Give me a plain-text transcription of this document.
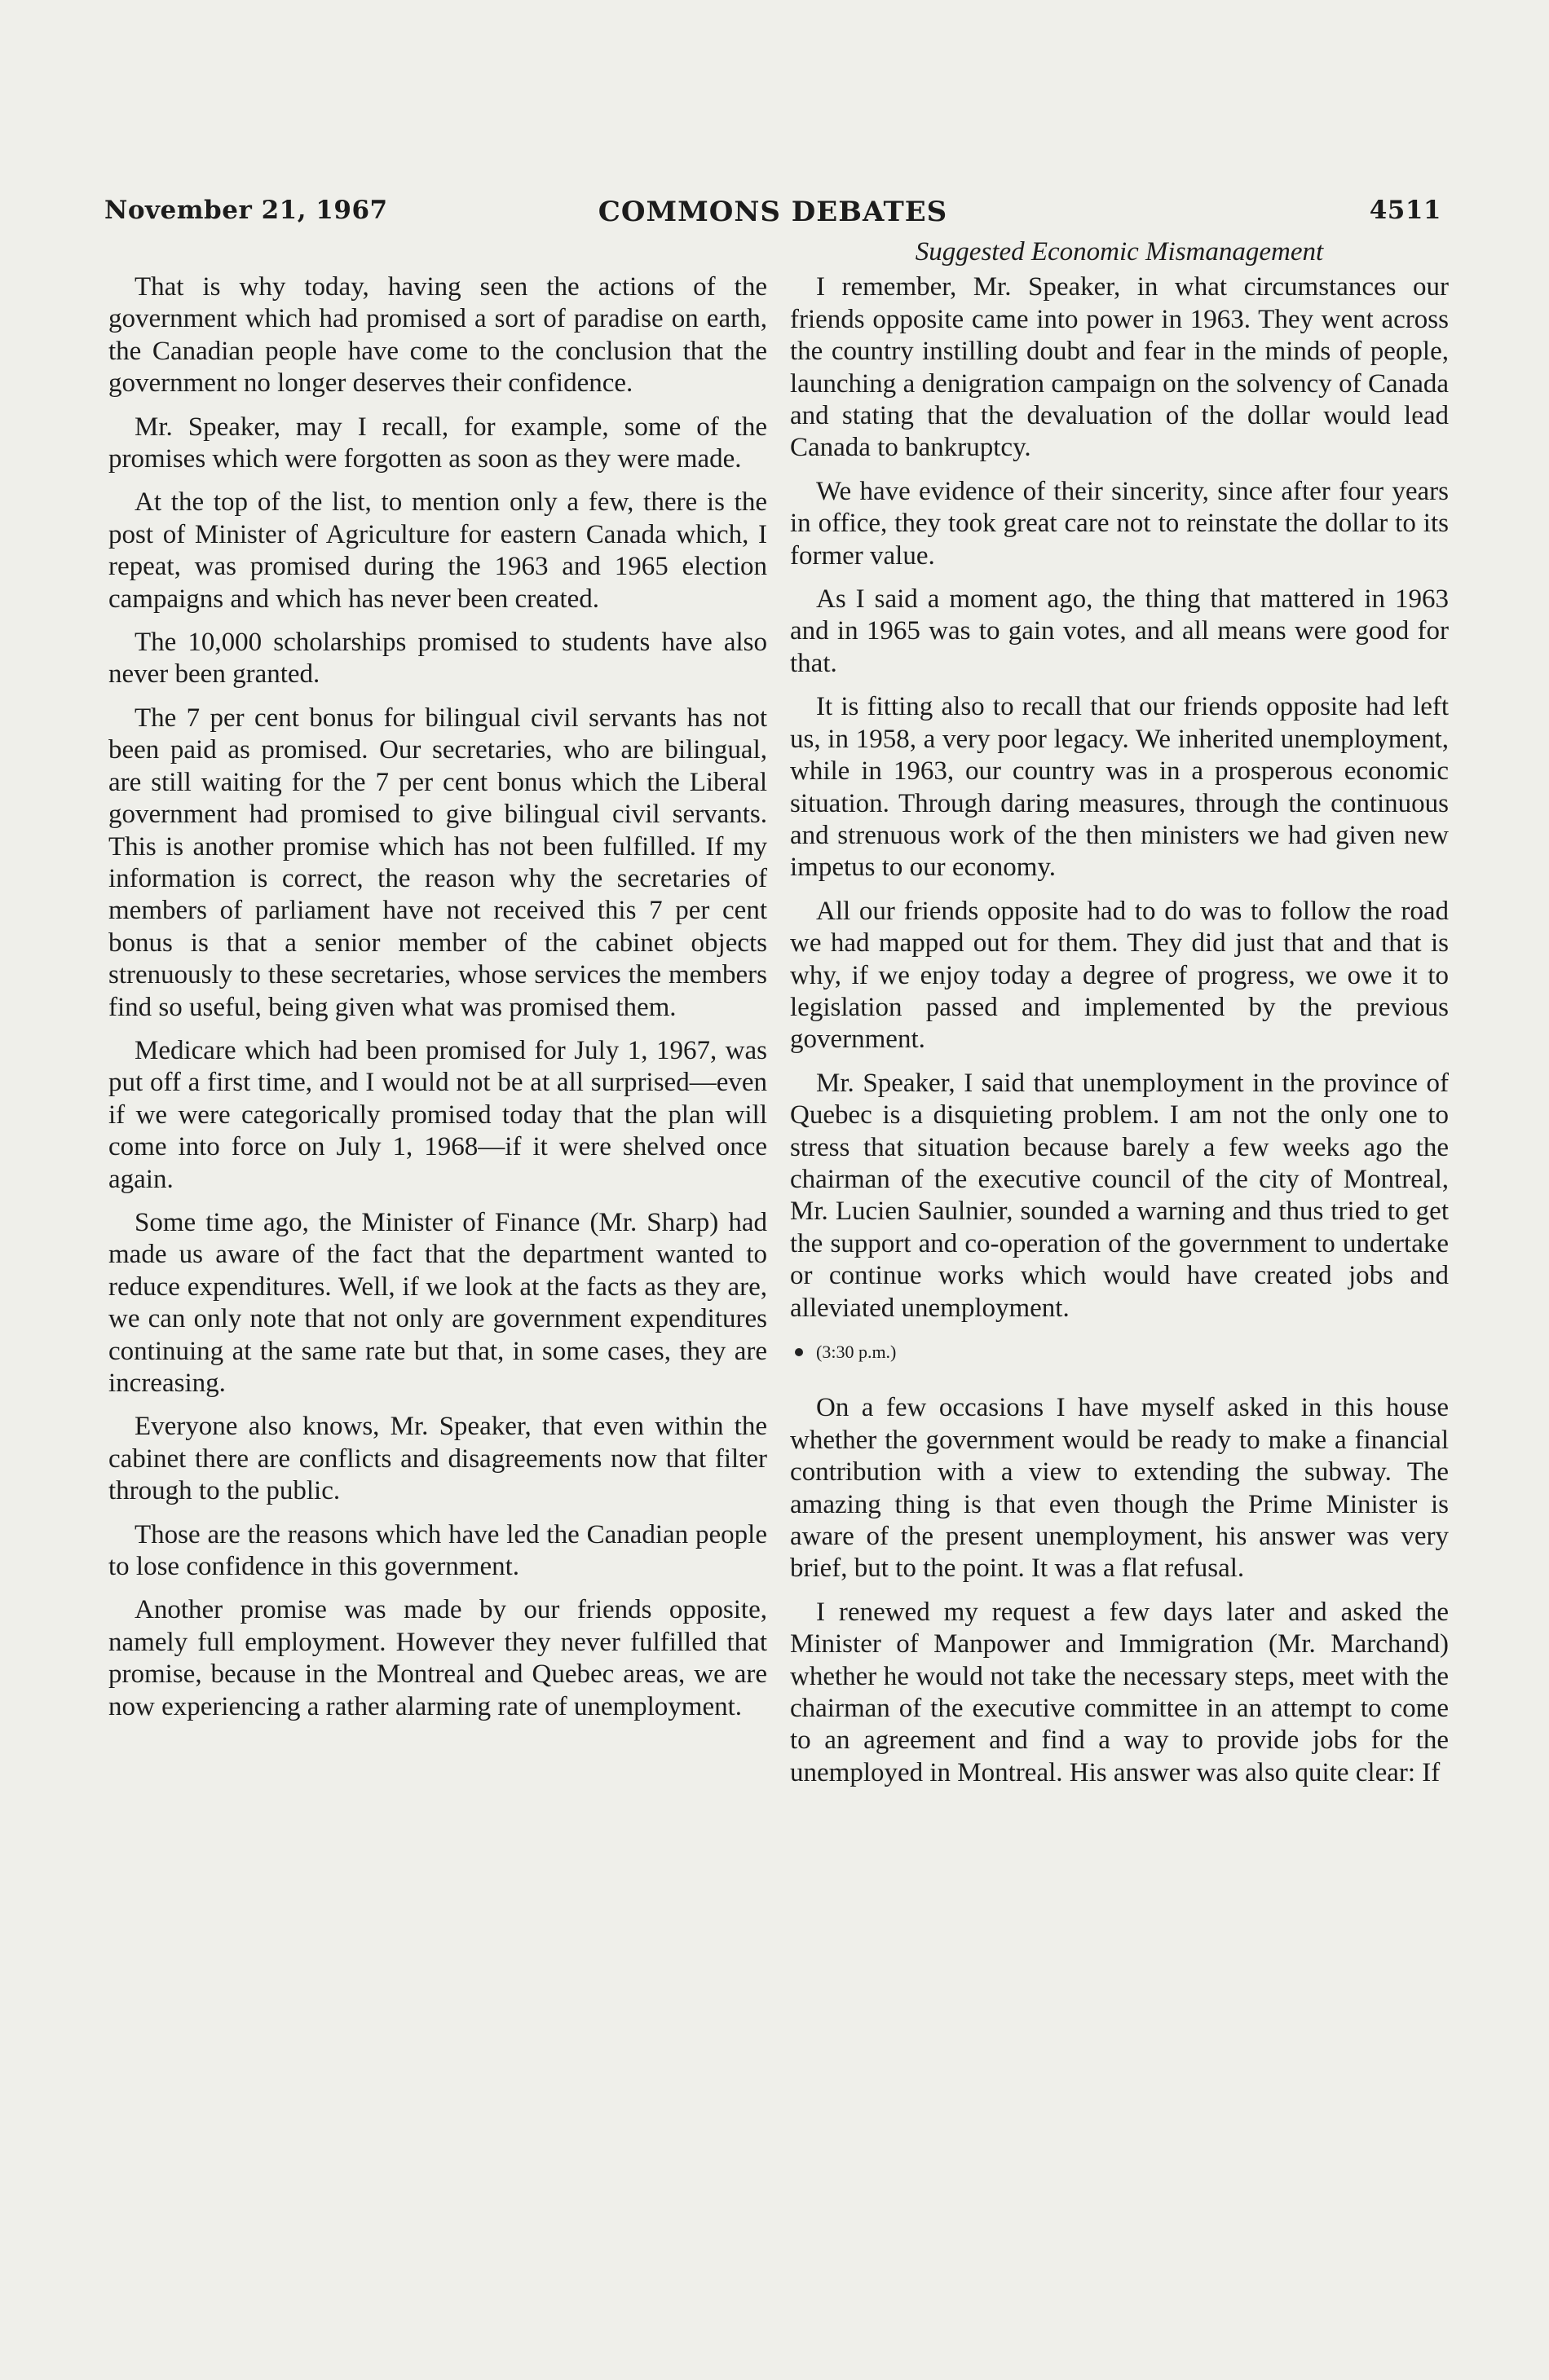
November 21, 1967	COMMONS DEBATES	4511

That is why today, having seen the actions of the government which had promised a sort of paradise on earth, the Canadian people have come to the conclusion that the government no longer deserves their confidence.

Mr. Speaker, may I recall, for example, some of the promises which were forgotten as soon as they were made.

At the top of the list, to mention only a few, there is the post of Minister of Agriculture for eastern Canada which, I repeat, was promised during the 1963 and 1965 election campaigns and which has never been created.

The 10,000 scholarships promised to students have also never been granted.

The 7 per cent bonus for bilingual civil servants has not been paid as promised. Our secretaries, who are bilingual, are still waiting for the 7 per cent bonus which the Liberal government had promised to give bilingual civil servants. This is another promise which has not been fulfilled. If my information is correct, the reason why the secretaries of members of parliament have not received this 7 per cent bonus is that a senior member of the cabinet objects strenuously to these secretaries, whose services the members find so useful, being given what was promised them.

Medicare which had been promised for July 1, 1967, was put off a first time, and I would not be at all surprised—even if we were categorically promised today that the plan will come into force on July 1, 1968—if it were shelved once again.

Some time ago, the Minister of Finance (Mr. Sharp) had made us aware of the fact that the department wanted to reduce expenditures. Well, if we look at the facts as they are, we can only note that not only are government expenditures continuing at the same rate but that, in some cases, they are increasing.

Everyone also knows, Mr. Speaker, that even within the cabinet there are conflicts and disagreements now that filter through to the public.

Those are the reasons which have led the Canadian people to lose confidence in this government.

Another promise was made by our friends opposite, namely full employment. However they never fulfilled that promise, because in the Montreal and Quebec areas, we are now experiencing a rather alarming rate of unemployment.

Suggested Economic Mismanagement

I remember, Mr. Speaker, in what circumstances our friends opposite came into power in 1963. They went across the country instilling doubt and fear in the minds of people, launching a denigration campaign on the solvency of Canada and stating that the devaluation of the dollar would lead Canada to bankruptcy.

We have evidence of their sincerity, since after four years in office, they took great care not to reinstate the dollar to its former value.

As I said a moment ago, the thing that mattered in 1963 and in 1965 was to gain votes, and all means were good for that.

It is fitting also to recall that our friends opposite had left us, in 1958, a very poor legacy. We inherited unemployment, while in 1963, our country was in a prosperous economic situation. Through daring measures, through the continuous and strenuous work of the then ministers we had given new impetus to our economy.

All our friends opposite had to do was to follow the road we had mapped out for them. They did just that and that is why, if we enjoy today a degree of progress, we owe it to legislation passed and implemented by the previous government.

Mr. Speaker, I said that unemployment in the province of Quebec is a disquieting problem. I am not the only one to stress that situation because barely a few weeks ago the chairman of the executive council of the city of Montreal, Mr. Lucien Saulnier, sounded a warning and thus tried to get the support and co-operation of the government to undertake or continue works which would have created jobs and alleviated unemployment.

(3:30 p.m.)

On a few occasions I have myself asked in this house whether the government would be ready to make a financial contribution with a view to extending the subway. The amazing thing is that even though the Prime Minister is aware of the present unemployment, his answer was very brief, but to the point. It was a flat refusal.

I renewed my request a few days later and asked the Minister of Manpower and Immigration (Mr. Marchand) whether he would not take the necessary steps, meet with the chairman of the executive committee in an attempt to come to an agreement and find a way to provide jobs for the unemployed in Montreal. His answer was also quite clear: If
